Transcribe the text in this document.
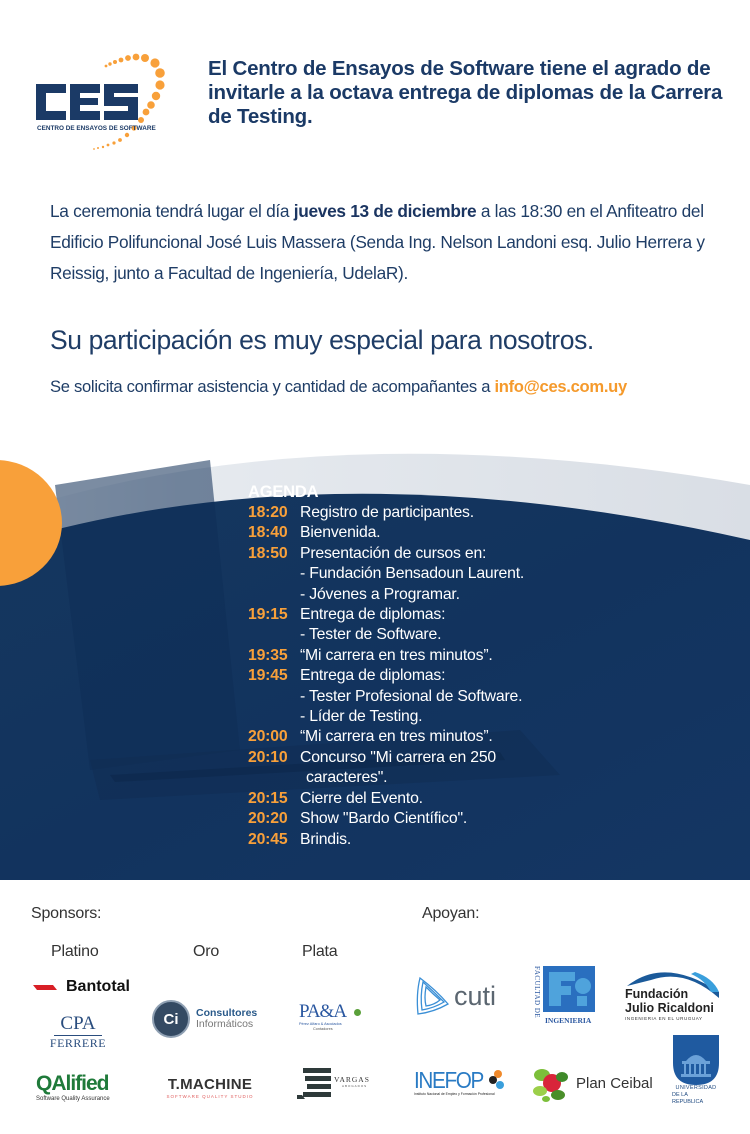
CENTRO DE ENSAYOS DE SOFTWARE
El Centro de Ensayos de Software tiene el agrado de invitarle a la octava entrega de diplomas de la Carrera de Testing.
La ceremonia tendrá lugar el día jueves 13 de diciembre a las 18:30 en el Anfiteatro del Edificio Polifuncional José Luis Massera (Senda Ing. Nelson Landoni esq. Julio Herrera y Reissig, junto a Facultad de Ingeniería, UdelaR).
Su participación es muy especial para nosotros.
Se solicita confirmar asistencia y cantidad de acompañantes a info@ces.com.uy
AGENDA
18:20 Registro de participantes.
18:40 Bienvenida.
18:50 Presentación de cursos en:
- Fundación Bensadoun Laurent.
- Jóvenes a Programar.
19:15 Entrega de diplomas:
- Tester de Software.
19:35 “Mi carrera en tres minutos”.
19:45 Entrega de diplomas:
- Tester Profesional de Software.
- Líder de Testing.
20:00 “Mi carrera en tres minutos”.
20:10 Concurso "Mi carrera en 250
caracteres".
20:15 Cierre del Evento.
20:20 Show "Bardo Científico".
20:45 Brindis.
Sponsors:
Platino	Oro	Plata
Bantotal
CPA
FERRERE
QAlified
Software Quality Assurance
Ci	Consultores
Informáticos
T.MACHINE
SOFTWARE QUALITY STUDIO
PA&A
Pérez Alfaro & Asociados
Contadores
VARGAS
ABOGADOS
Apoyan:
cuti	FACULTAD DE
INGENIERIA
Fundación
Julio Ricaldoni
INGENIERIA EN EL URUGUAY
INEFOP
Instituto Nacional de Empleo y Formación Profesional
Plan Ceibal	UNIVERSIDAD
DE LA REPUBLICA
